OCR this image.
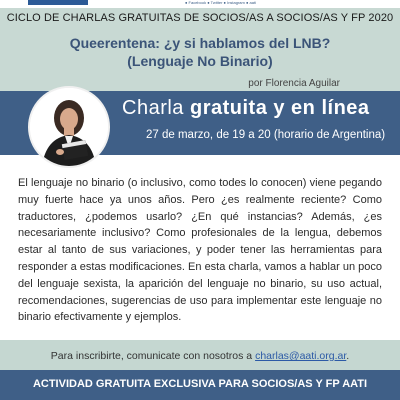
● Facebook ● Twitter ● Instagram ● aati
CICLO DE CHARLAS GRATUITAS DE SOCIOS/AS A SOCIOS/AS Y FP 2020
Queerentena: ¿y si hablamos del LNB?
(Lenguaje No Binario)
por Florencia Aguilar
Charla gratuita y en línea
27 de marzo, de 19 a 20 (horario de Argentina)

El lenguaje no binario (o inclusivo, como todes lo conocen) viene pegando muy fuerte hace ya unos años. Pero ¿es realmente reciente? Como traductores, ¿podemos usarlo? ¿En qué instancias? Además, ¿es necesariamente inclusivo? Como profesionales de la lengua, debemos estar al tanto de sus variaciones, y poder tener las herramientas para responder a estas modificaciones. En esta charla, vamos a hablar un poco del lenguaje sexista, la aparición del lenguaje no binario, su uso actual, recomendaciones, sugerencias de uso para implementar este lenguaje no binario efectivamente y ejemplos.

Para inscribirte, comunicate con nosotros a charlas@aati.org.ar.
ACTIVIDAD GRATUITA EXCLUSIVA PARA SOCIOS/AS Y FP AATI
